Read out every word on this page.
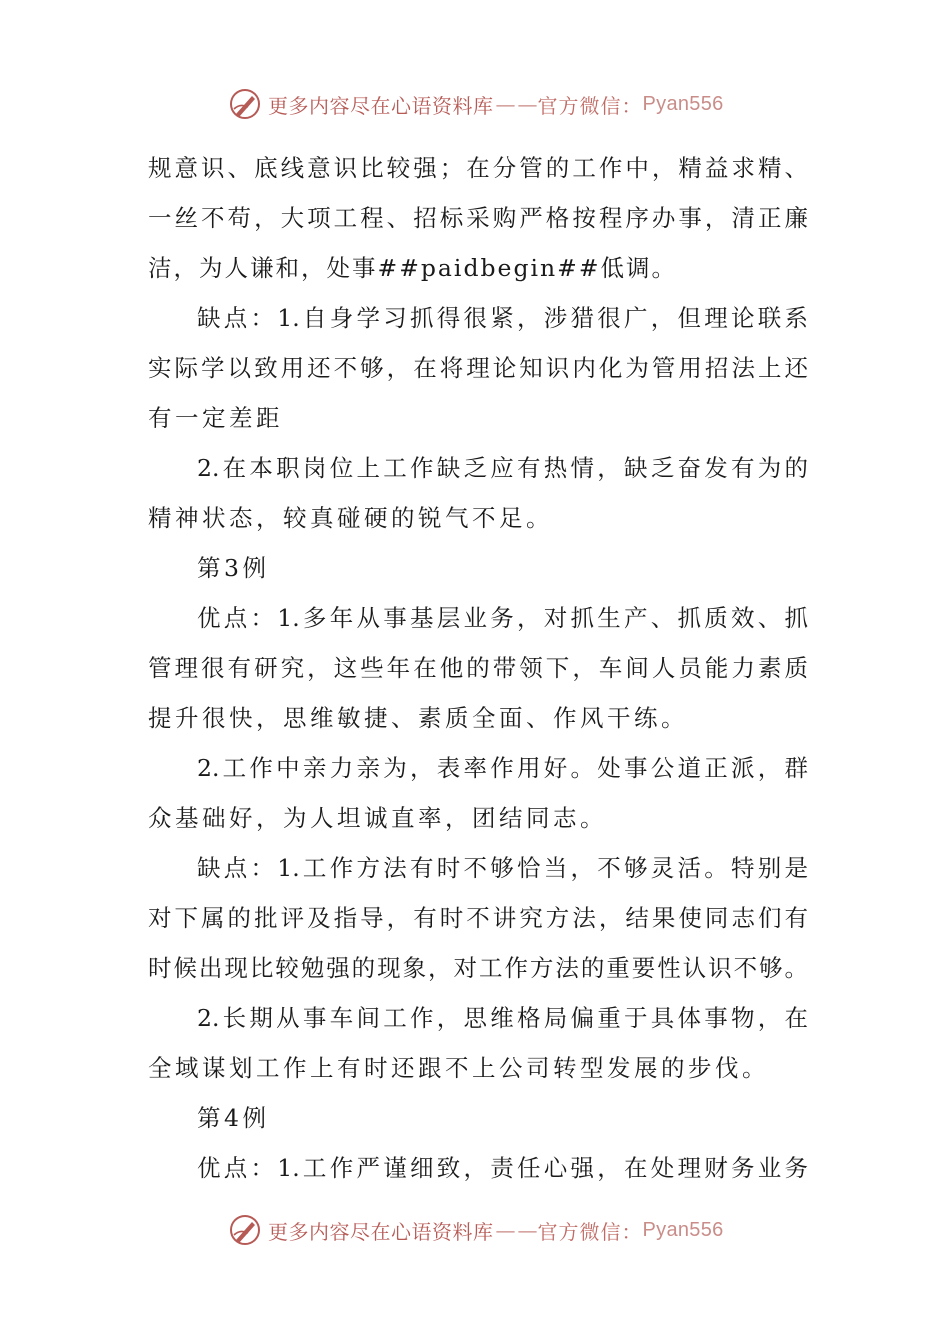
更多内容尽在心语资料库 — — 官方微信： Pyan556
规意识、底线意识比较强；在分管的工作中，精益求精、
一丝不苟，大项工程、招标采购严格按程序办事，清正廉
洁，为人谦和，处事##paidbegin##低调。
缺点：1.自身学习抓得很紧，涉猎很广，但理论联系
实际学以致用还不够，在将理论知识内化为管用招法上还
有一定差距
2.在本职岗位上工作缺乏应有热情，缺乏奋发有为的
精神状态，较真碰硬的锐气不足。
第3例
优点：1.多年从事基层业务，对抓生产、抓质效、抓
管理很有研究，这些年在他的带领下，车间人员能力素质
提升很快，思维敏捷、素质全面、作风干练。
2.工作中亲力亲为，表率作用好。处事公道正派，群
众基础好，为人坦诚直率，团结同志。
缺点：1.工作方法有时不够恰当，不够灵活。特别是
对下属的批评及指导，有时不讲究方法，结果使同志们有
时候出现比较勉强的现象，对工作方法的重要性认识不够。
2.长期从事车间工作，思维格局偏重于具体事物，在
全域谋划工作上有时还跟不上公司转型发展的步伐。
第4例
优点：1.工作严谨细致，责任心强，在处理财务业务
更多内容尽在心语资料库 — — 官方微信： Pyan556
